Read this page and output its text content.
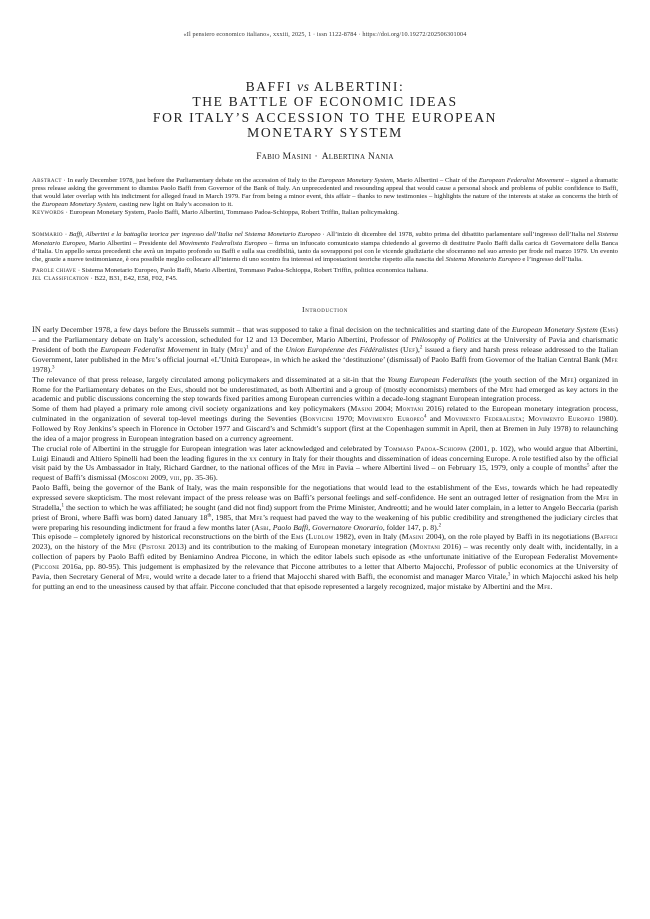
«Il pensiero economico italiano», xxxiii, 2025, 1 · issn 1122-8784 · https://doi.org/10.19272/202506301004
BAFFI vs ALBERTINI:
THE BATTLE OF ECONOMIC IDEAS
FOR ITALY’S ACCESSION TO THE EUROPEAN
MONETARY SYSTEM
Fabio Masini · Albertina Nania

Abstract · In early December 1978, just before the Parliamentary debate on the accession of Italy to the European Monetary System, Mario Albertini – Chair of the European Federalist Movement – signed a dramatic press release asking the government to dismiss Paolo Baffi from Governor of the Bank of Italy. An unprecedented and resounding appeal that would cause a personal shock and problems of public confidence to Baffi, that would later overlap with his indictment for alleged fraud in March 1979. Far from being a minor event, this affair – thanks to new testimonies – highlights the nature of the interests at stake as concerns the birth of the European Monetary System, casting new light on Italy’s accession to it.

Keywords · European Monetary System, Paolo Baffi, Mario Albertini, Tommaso Padoa-Schioppa, Robert Triffin, Italian policymaking.

Sommario · Baffi, Albertini e la battaglia teorica per ingresso dell’Italia nel Sistema Monetario Europeo · All’inizio di dicembre del 1978, subito prima del dibattito parlamentare sull’ingresso dell’Italia nel Sistema Monetario Europeo, Mario Albertini – Presidente del Movimento Federalista Europeo – firma un infuocato comunicato stampa chiedendo al governo di destituire Paolo Baffi dalla carica di Governatore della Banca d’Italia. Un appello senza precedenti che avrà un impatto profondo su Baffi e sulla sua credibilità, tanto da sovrapporsi poi con le vicende giudiziarie che sfoceranno nel suo arresto per frode nel marzo 1979. Un evento che, grazie a nuove testimonianze, è ora possibile meglio collocare all’interno di uno scontro fra interessi ed impostazioni teoriche rispetto alla nascita del Sistema Monetario Europeo e l’ingresso dell’Italia.

Parole chiave · Sistema Monetario Europeo, Paolo Baffi, Mario Albertini, Tommaso Padoa-Schioppa, Robert Triffin, politica economica italiana.

Jel Classification · B22, B31, E42, E58, F02, F45.

Introduction

IN early December 1978, a few days before the Brussels summit – that was supposed to take a final decision on the technicalities and starting date of the European Monetary System (Ems) – and the Parliamentary debate on Italy’s accession, scheduled for 12 and 13 December, Mario Albertini, Professor of Philosophy of Politics at the University of Pavia and charismatic President of both the European Federalist Movement in Italy (Mfe)$^1$ and of the Union Européenne des Fédéralistes (Uef),$^2$ issued a fiery and harsh press release addressed to the Italian Government, later published in the Mfe’s official journal «L’Unità Europea», in which he asked the ‘destituzione’ (dismissal) of Paolo Baffi from Governor of the Italian Central Bank (Mfe 1978).$^3$

The relevance of that press release, largely circulated among policymakers and disseminated at a sit-in that the Young European Federalists (the youth section of the Mfe) organized in Rome for the Parliamentary debates on the Ems, should not be underestimated, as both Albertini and a group of (mostly economists) members of the Mfe had emerged as key actors in the academic and public discussions concerning the step towards fixed parities among European currencies within a decade-long stagnant European integration process.

Some of them had played a primary role among civil society organizations and key policymakers (Masini 2004; Montani 2016) related to the European monetary integration process, culminated in the organization of several top-level meetings during the Seventies (Bonvicini 1970; Movimento Europeo$^4$ and Movimento Federalista; Movimento Europeo 1980). Followed by Roy Jenkins’s speech in Florence in October 1977 and Giscard’s and Schmidt’s support (first at the Copenhagen summit in April, then at Bremen in July 1978) to relaunching the idea of a major progress in European integration based on a currency agreement.

The crucial role of Albertini in the struggle for European integration was later acknowledged and celebrated by Tommaso Padoa-Schioppa (2001, p. 102), who would argue that Albertini, Luigi Einaudi and Altiero Spinelli had been the leading figures in the xx century in Italy for their thoughts and dissemination of ideas concerning Europe. A role testified also by the official visit paid by the Us Ambassador in Italy, Richard Gardner, to the national offices of the Mfe in Pavia – where Albertini lived – on February 15, 1979, only a couple of months$^5$ after the request of Baffi’s dismissal (Mosconi 2009, viii, pp. 35-36).

Paolo Baffi, being the governor of the Bank of Italy, was the main responsible for the negotiations that would lead to the establishment of the Ems, towards which he had repeatedly expressed severe skepticism. The most relevant impact of the press release was on Baffi’s personal feelings and self-confidence. He sent an outraged letter of resignation from the Mfe in Stradella,$^1$ the section to which he was affiliated; he sought (and did not find) support from the Prime Minister, Andreotti; and he would later complain, in a letter to Angelo Beccaria (parish priest of Broni, where Baffi was born) dated January 18th, 1985, that Mfe’s request had paved the way to the weakening of his public credibility and strengthened the judiciary circles that were preparing his resounding indictment for fraud a few months later (Asbi, Paolo Baffi, Governatore Onorario, folder 147, p. 8).$^2$

This episode – completely ignored by historical reconstructions on the birth of the Ems (Ludlow 1982), even in Italy (Masini 2004), on the role played by Baffi in its negotiations (Baffigi 2023), on the history of the Mfe (Pistone 2013) and its contribution to the making of European monetary integration (Montani 2016) – was recently only dealt with, incidentally, in a collection of papers by Paolo Baffi edited by Beniamino Andrea Piccone, in which the editor labels such episode as «the unfortunate initiative of the European Federalist Movement» (Piccone 2016a, pp. 80-95). This judgement is emphasized by the relevance that Piccone attributes to a letter that Alberto Majocchi, Professor of public economics at the University of Pavia, then Secretary General of Mfe, would write a decade later to a friend that Majocchi shared with Baffi, the economist and manager Marco Vitale,$^3$ in which Majocchi asked his help for putting an end to the uneasiness caused by that affair. Piccone concluded that that episode represented a largely recognized, major mistake by Albertini and the Mfe.
